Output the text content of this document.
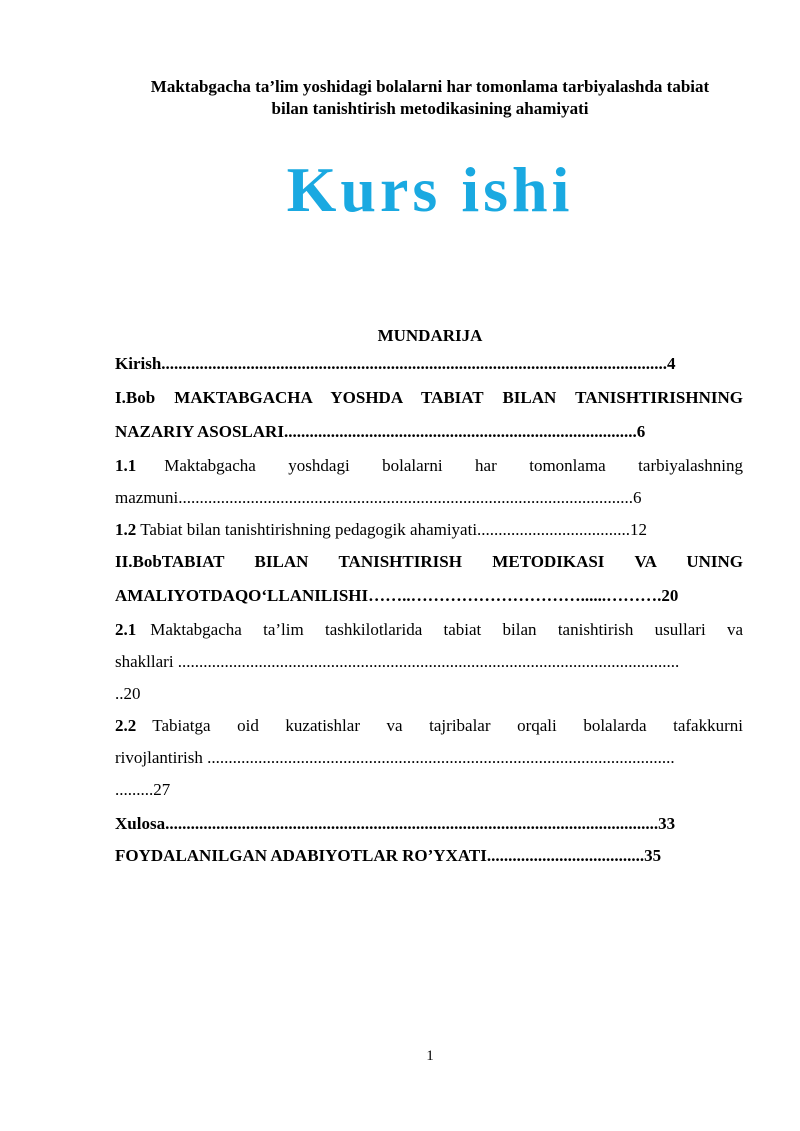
Maktabgacha ta’lim yoshidagi bolalarni har tomonlama tarbiyalashda tabiat
bilan tanishtirish metodikasining ahamiyati
Kurs ishi
MUNDARIJA
Kirish.......................................................................................................................4
I.Bob MAKTABGACHA YOSHDA TABIAT BILAN TANISHTIRISHNING
NAZARIY ASOSLARI...................................................................................6
1.1 Maktabgacha yoshdagi bolalarni har tomonlama tarbiyalashning
mazmuni...........................................................................................................6
1.2 Tabiat bilan tanishtirishning pedagogik ahamiyati....................................12
II.BobTABIAT BILAN TANISHTIRISH METODIKASI VA UNING
AMALIYOTDAQO‘LLANILISHI……..…………………………......……….20
2.1 Maktabgacha ta’lim tashkilotlarida tabiat bilan tanishtirish usullari va
shakllari ......................................................................................................................
..20
2.2 Tabiatga oid kuzatishlar va tajribalar orqali bolalarda tafakkurni
rivojlantirish ..............................................................................................................
.........27
Xulosa....................................................................................................................33
FOYDALANILGAN ADABIYOTLAR RO’YXATI.....................................35
1
